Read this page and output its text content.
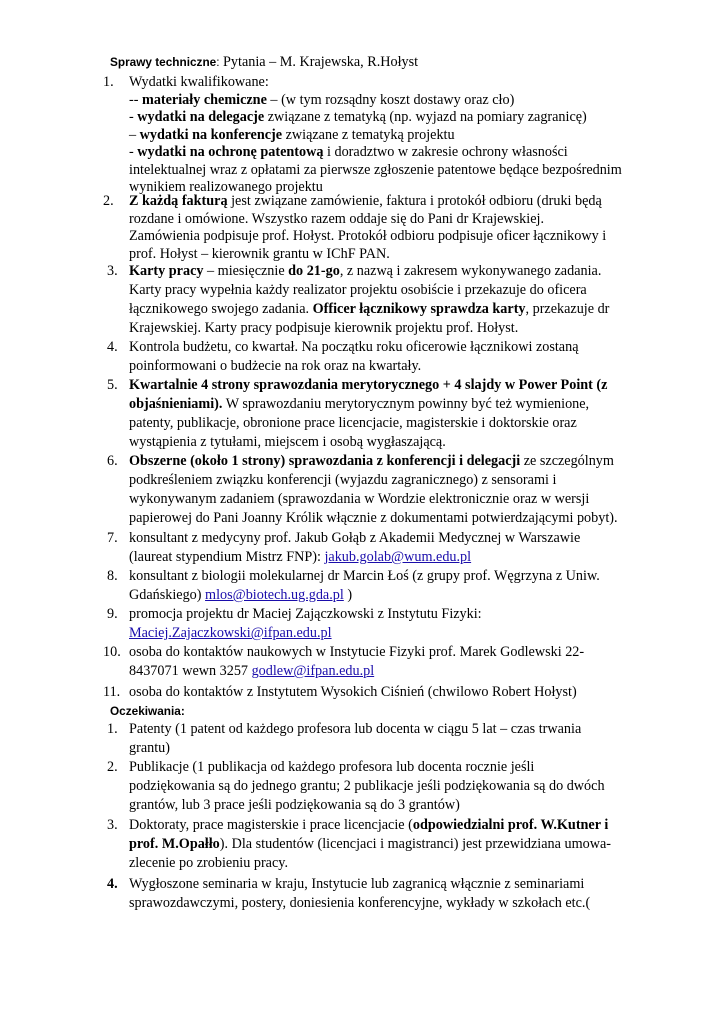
Sprawy techniczne: Pytania – M. Krajewska, R.Hołyst
1. Wydatki kwalifikowane:
-- materiały chemiczne – (w tym rozsądny koszt dostawy oraz cło)
- wydatki na delegacje związane z tematyką (np. wyjazd na pomiary zagranicę)
– wydatki na konferencje związane z tematyką projektu
- wydatki na ochronę patentową i doradztwo w zakresie ochrony własności
intelektualnej wraz z opłatami za pierwsze zgłoszenie patentowe będące bezpośrednim
wynikiem realizowanego projektu
2. Z każdą fakturą jest związane zamówienie, faktura i protokół odbioru (druki będą
rozdane i omówione. Wszystko razem oddaje się do Pani dr Krajewskiej.
Zamówienia podpisuje prof. Hołyst. Protokół odbioru podpisuje oficer łącznikowy i
prof. Hołyst – kierownik grantu w IChF PAN.
3. Karty pracy – miesięcznie do 21-go, z nazwą i zakresem wykonywanego zadania.
Karty pracy wypełnia każdy realizator projektu osobiście i przekazuje do oficera
łącznikowego swojego zadania. Officer łącznikowy sprawdza karty, przekazuje dr
Krajewskiej. Karty pracy podpisuje kierownik projektu prof. Hołyst.
4. Kontrola budżetu, co kwartał. Na początku roku oficerowie łącznikowi zostaną
poinformowani o budżecie na rok oraz na kwartały.
5. Kwartalnie 4 strony sprawozdania merytorycznego + 4 slajdy w Power Point (z
objaśnieniami). W sprawozdaniu merytorycznym powinny być też wymienione,
patenty, publikacje, obronione prace licencjacie, magisterskie i doktorskie oraz
wystąpienia z tytułami, miejscem i osobą wygłaszającą.
6. Obszerne (około 1 strony) sprawozdania z konferencji i delegacji ze szczególnym
podkreśleniem związku konferencji (wyjazdu zagranicznego) z sensorami i
wykonywanym zadaniem (sprawozdania w Wordzie elektronicznie oraz w wersji
papierowej do Pani Joanny Królik włącznie z dokumentami potwierdzającymi pobyt).
7. konsultant z medycyny prof. Jakub Gołąb z Akademii Medycznej w Warszawie
(laureat stypendium Mistrz FNP): jakub.golab@wum.edu.pl
8. konsultant z biologii molekularnej dr Marcin Łoś (z grupy prof. Węgrzyna z Uniw.
Gdańskiego) mlos@biotech.ug.gda.pl )
9. promocja projektu dr Maciej Zajączkowski z Instytutu Fizyki:
Maciej.Zajaczkowski@ifpan.edu.pl
10. osoba do kontaktów naukowych w Instytucie Fizyki prof. Marek Godlewski 22-
8437071 wewn 3257 godlew@ifpan.edu.pl
11. osoba do kontaktów z Instytutem Wysokich Ciśnień (chwilowo Robert Hołyst)
Oczekiwania:
1. Patenty (1 patent od każdego profesora lub docenta w ciągu 5 lat – czas trwania
grantu)
2. Publikacje (1 publikacja od każdego profesora lub docenta rocznie jeśli
podziękowania są do jednego grantu; 2 publikacje jeśli podziękowania są do dwóch
grantów, lub 3 prace jeśli podziękowania są do 3 grantów)
3. Doktoraty, prace magisterskie i prace licencjacie (odpowiedzialni prof. W.Kutner i
prof. M.Opałło). Dla studentów (licencjaci i magistranci) jest przewidziana umowa-
zlecenie po zrobieniu pracy.
4. Wygłoszone seminaria w kraju, Instytucie lub zagranicą włącznie z seminariami
sprawozdawczymi, postery, doniesienia konferencyjne, wykłady w szkołach etc.(
